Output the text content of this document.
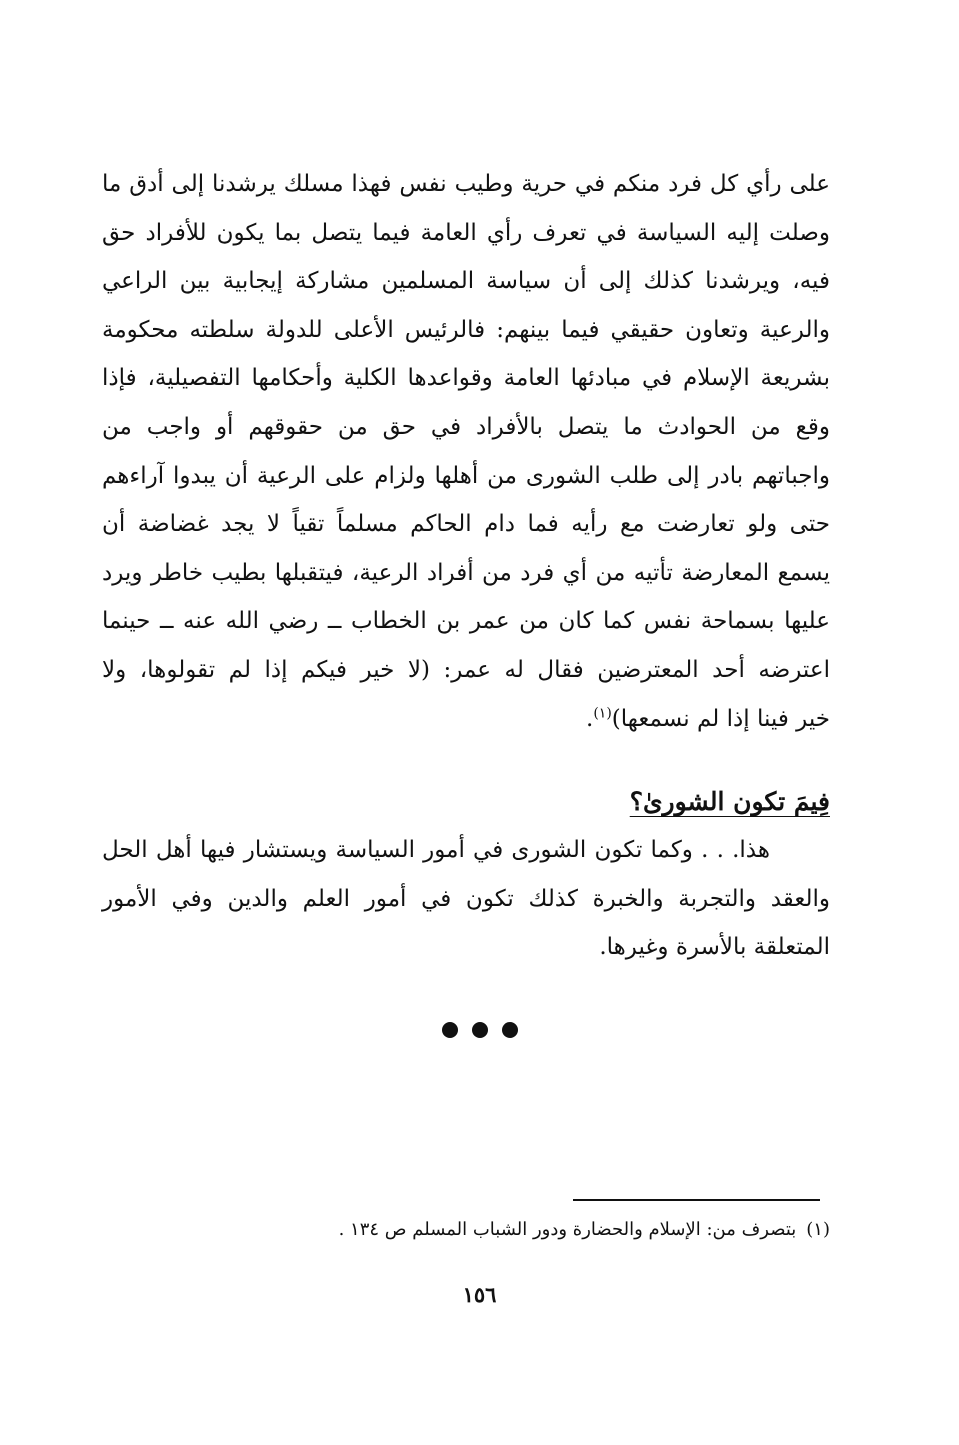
على رأي كل فرد منكم في حرية وطيب نفس فهذا مسلك يرشدنا إلى أدق ما
وصلت إليه السياسة في تعرف رأي العامة فيما يتصل بما يكون للأفراد حق
فيه، ويرشدنا كذلك إلى أن سياسة المسلمين مشاركة إيجابية بين الراعي
والرعية وتعاون حقيقي فيما بينهم: فالرئيس الأعلى للدولة سلطته محكومة
بشريعة الإسلام في مبادئها العامة وقواعدها الكلية وأحكامها التفصيلية، فإذا
وقع من الحوادث ما يتصل بالأفراد في حق من حقوقهم أو واجب من
واجباتهم بادر إلى طلب الشورى من أهلها ولزام على الرعية أن يبدوا آراءهم
حتى ولو تعارضت مع رأيه فما دام الحاكم مسلماً تقياً لا يجد غضاضة أن
يسمع المعارضة تأتيه من أي فرد من أفراد الرعية، فيتقبلها بطيب خاطر ويرد
عليها بسماحة نفس كما كان من عمر بن الخطاب ــ رضي الله عنه ــ حينما
اعترضه أحد المعترضين فقال له عمر: (لا خير فيكم إذا لم تقولوها، ولا
خير فينا إذا لم نسمعها)$^{(١)}$.
فِيمَ تكون الشورىٰ؟
هذا. . . وكما تكون الشورى في أمور السياسة ويستشار فيها أهل الحل
والعقد والتجربة والخبرة كذلك تكون في أمور العلم والدين وفي الأمور
المتعلقة بالأسرة وغيرها.
(١)بتصرف من: الإسلام والحضارة ودور الشباب المسلم ص ١٣٤ .
١٥٦
